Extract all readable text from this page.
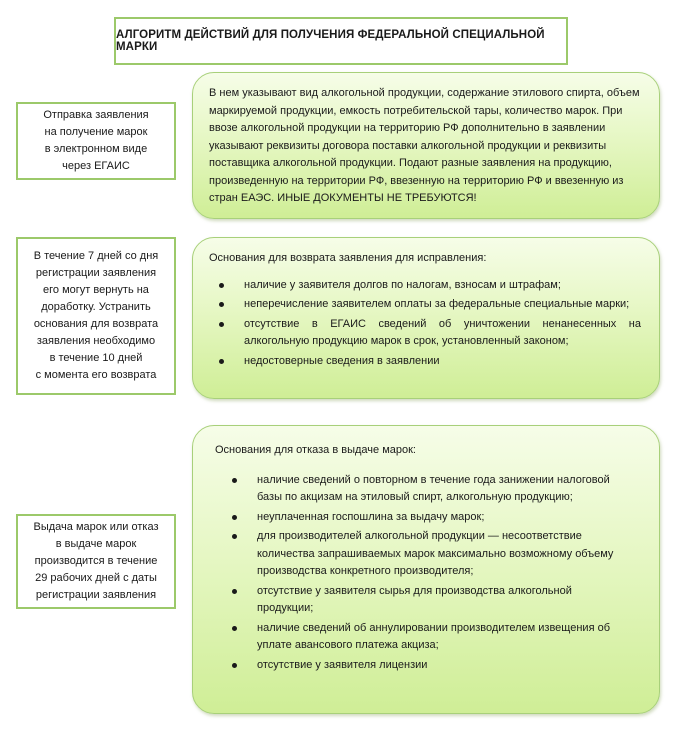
АЛГОРИТМ ДЕЙСТВИЙ ДЛЯ ПОЛУЧЕНИЯ ФЕДЕРАЛЬНОЙ СПЕЦИАЛЬНОЙ МАРКИ
Отправка заявления
на получение марок
в электронном виде
через ЕГАИС
В нем указывают вид алкогольной продукции, содержание этилового спирта, объем маркируемой продукции, емкость потребительской тары, количество марок. При ввозе алкогольной продукции на территорию РФ дополнительно в заявлении указывают реквизиты договора поставки алкогольной продукции и реквизиты поставщика алкогольной продукции. Подают разные заявления на продукцию, произведенную на территории РФ, ввезенную на территорию РФ и ввезенную из стран ЕАЭС. ИНЫЕ ДОКУМЕНТЫ НЕ ТРЕБУЮТСЯ!
В течение 7 дней со дня
регистрации заявления
его могут вернуть на
доработку. Устранить
основания для возврата
заявления необходимо
в течение 10 дней
с момента его возврата
Основания для возврата заявления для исправления:
наличие у заявителя долгов по налогам, взносам и штрафам;
неперечисление заявителем оплаты за федеральные специальные марки;
отсутствие в ЕГАИС сведений об уничтожении ненанесенных на алкогольную продукцию марок в срок, установленный законом;
недостоверные сведения в заявлении
Выдача марок или отказ
в выдаче марок
производится в течение
29 рабочих дней с даты
регистрации заявления
Основания для отказа в выдаче марок:
наличие сведений о повторном в течение года занижении налоговой базы по акцизам на этиловый спирт, алкогольную продукцию;
неуплаченная госпошлина за выдачу марок;
для производителей алкогольной продукции — несоответствие количества запрашиваемых марок максимально возможному объему производства конкретного производителя;
отсутствие у заявителя сырья для производства алкогольной продукции;
наличие сведений об аннулировании производителем извещения об уплате авансового платежа акциза;
отсутствие у заявителя лицензии
